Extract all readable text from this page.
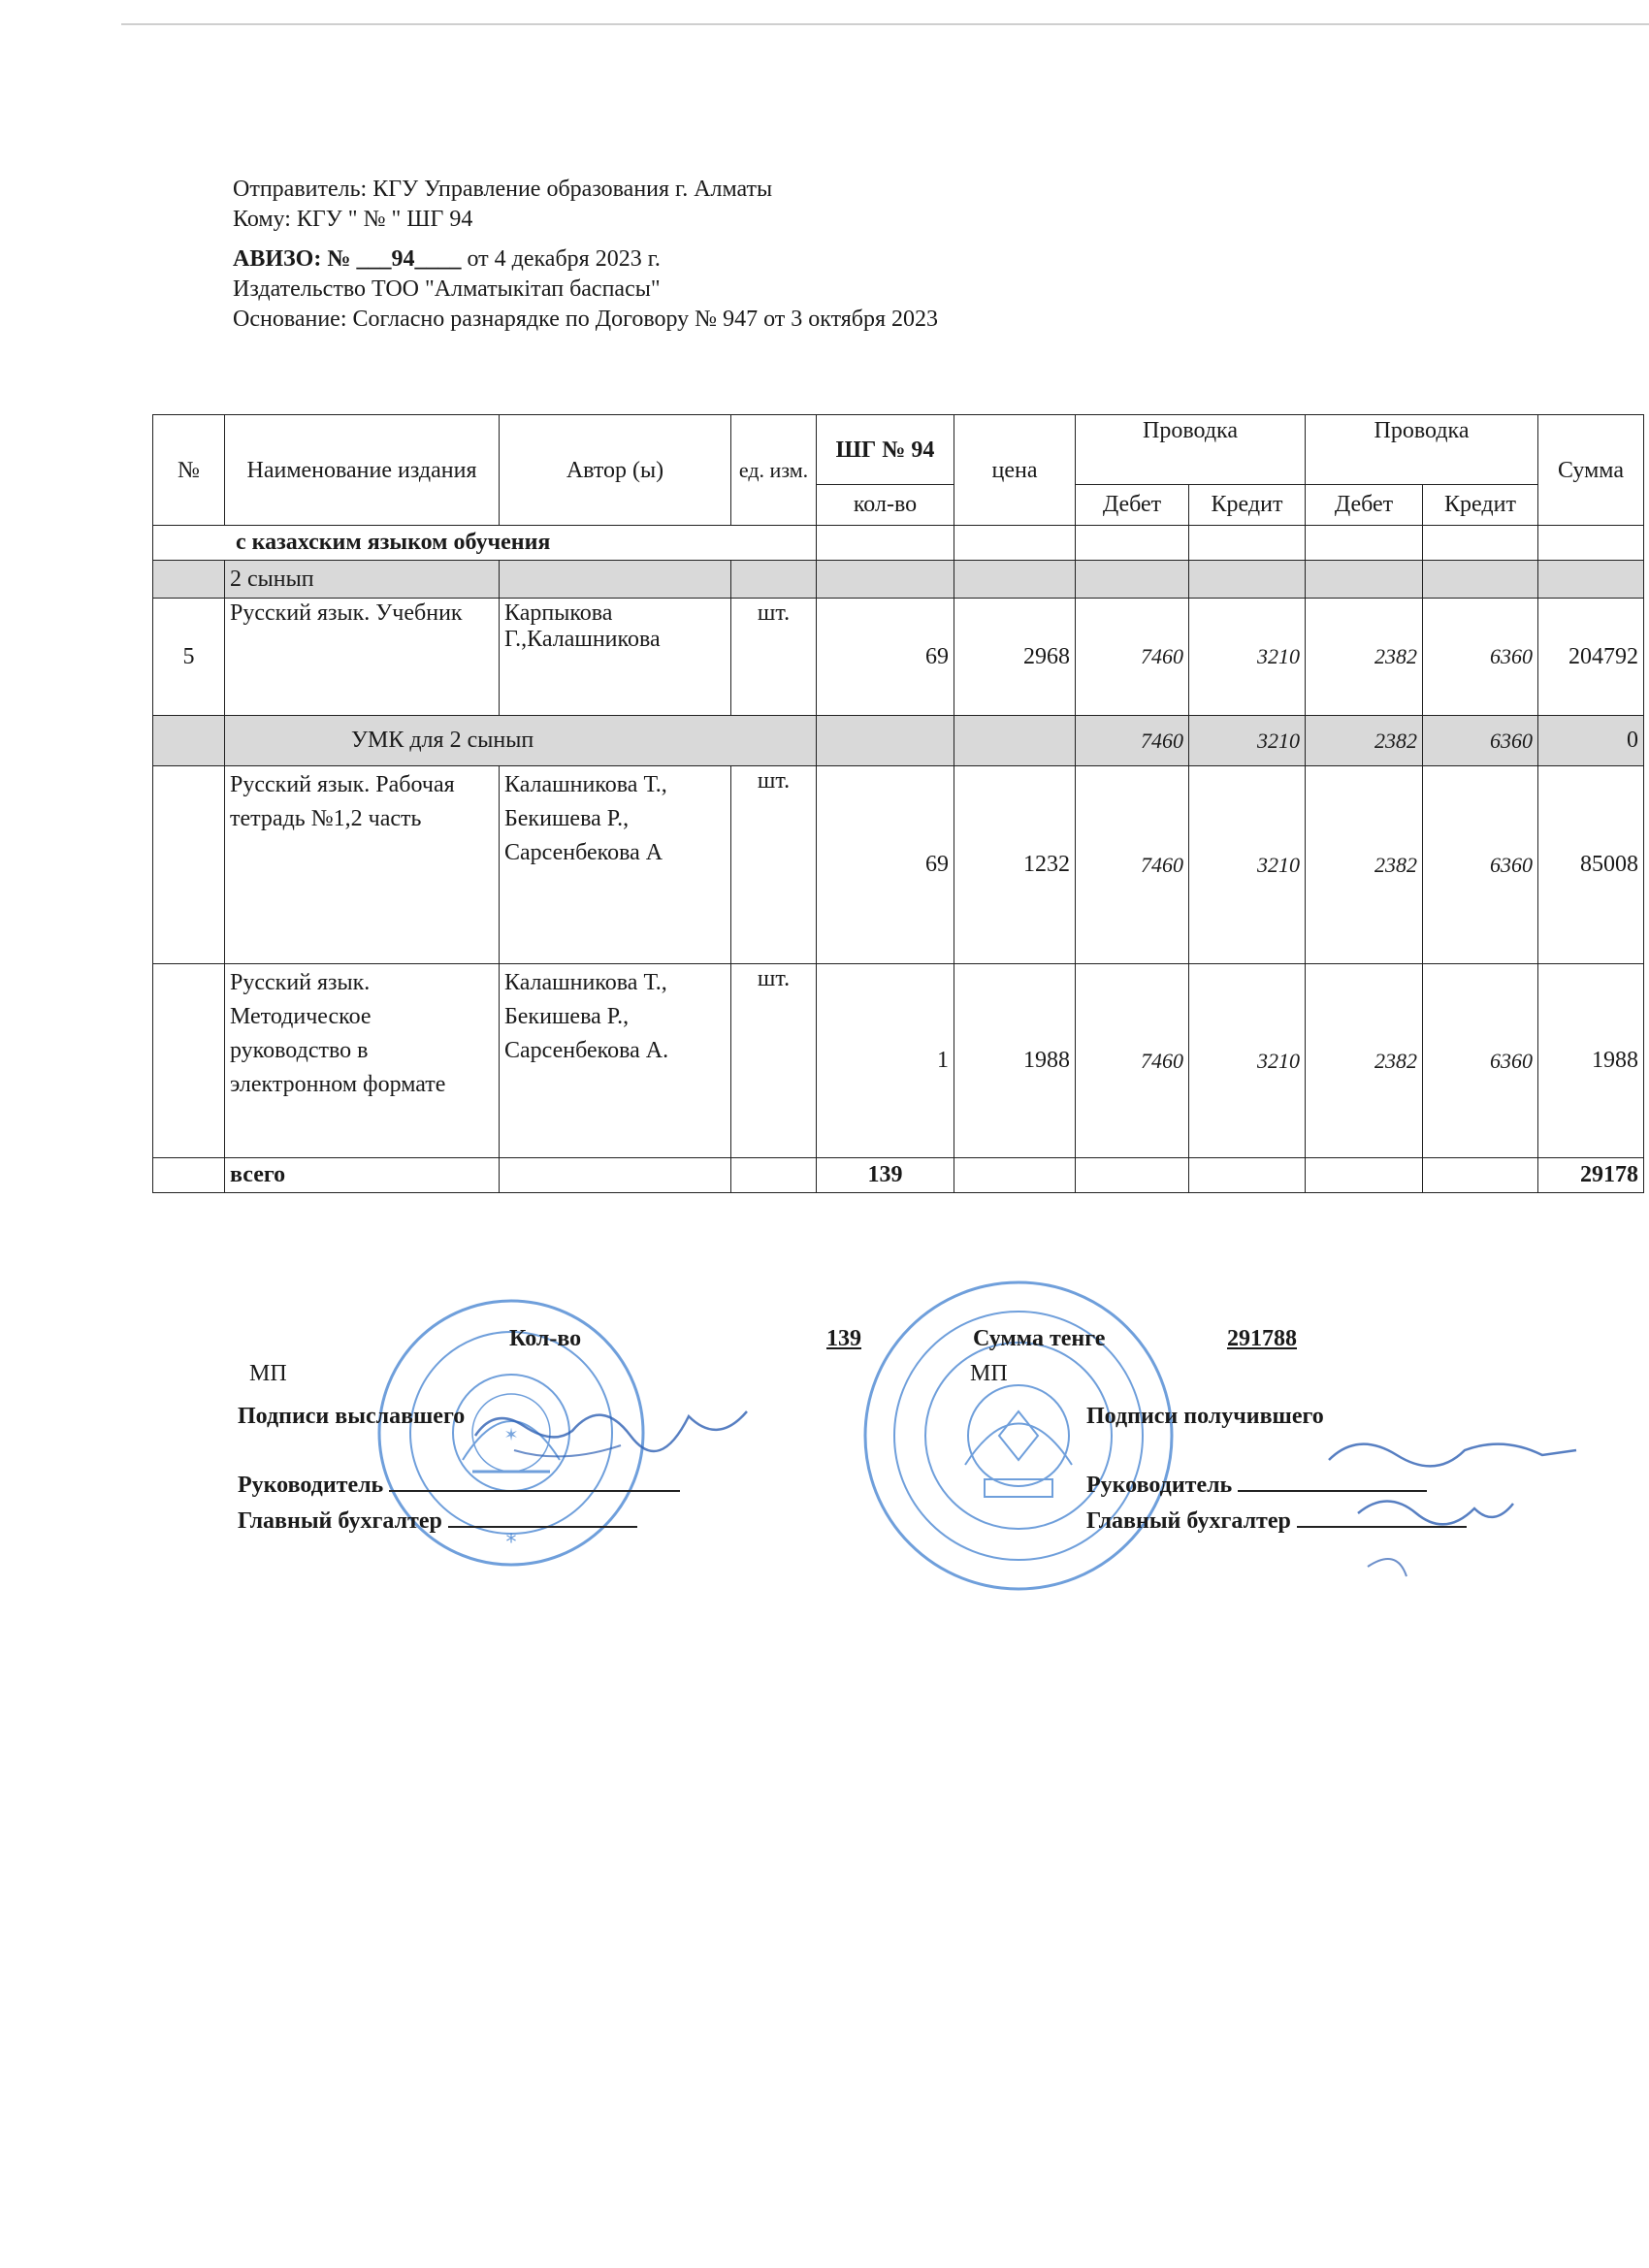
Отправитель: КГУ Управление образования г. Алматы
Кому: КГУ " № " ШГ 94
АВИЗО: № ___94____ от 4 декабря 2023 г.
Издательство ТОО "Алматыкітап баспасы"
Основание: Согласно разнарядке по Договору № 947 от 3 октября 2023
№	Наименование издания	Автор (ы)	ед. изм.	ШГ № 94	цена	Проводка		Проводка		Сумма
				кол-во		Дебет	Кредит	Дебет	Кредит	
с казахским языком обучения										
	2 сынып									
5	Русский язык. Учебник	Карпыкова Г.,Калашникова	шт.	69	2968	7460	3210	2382	6360	204792
	УМК для 2 сынып					7460	3210	2382	6360	0
	Русский язык. Рабочая тетрадь №1,2 часть	Калашникова Т., Бекишева Р., Сарсенбекова А	шт.	69	1232	7460	3210	2382	6360	85008
	Русский язык. Методическое руководство в электронном формате	Калашникова Т., Бекишева Р., Сарсенбекова А.	шт.	1	1988	7460	3210	2382	6360	1988
	всего			139						29178
✶
*
Кол-во	139	Сумма тенге	291788
МП	МП
Подписи выславшего	Подписи получившего
Руководитель
Главный бухгалтер
Руководитель
Главный бухгалтер
